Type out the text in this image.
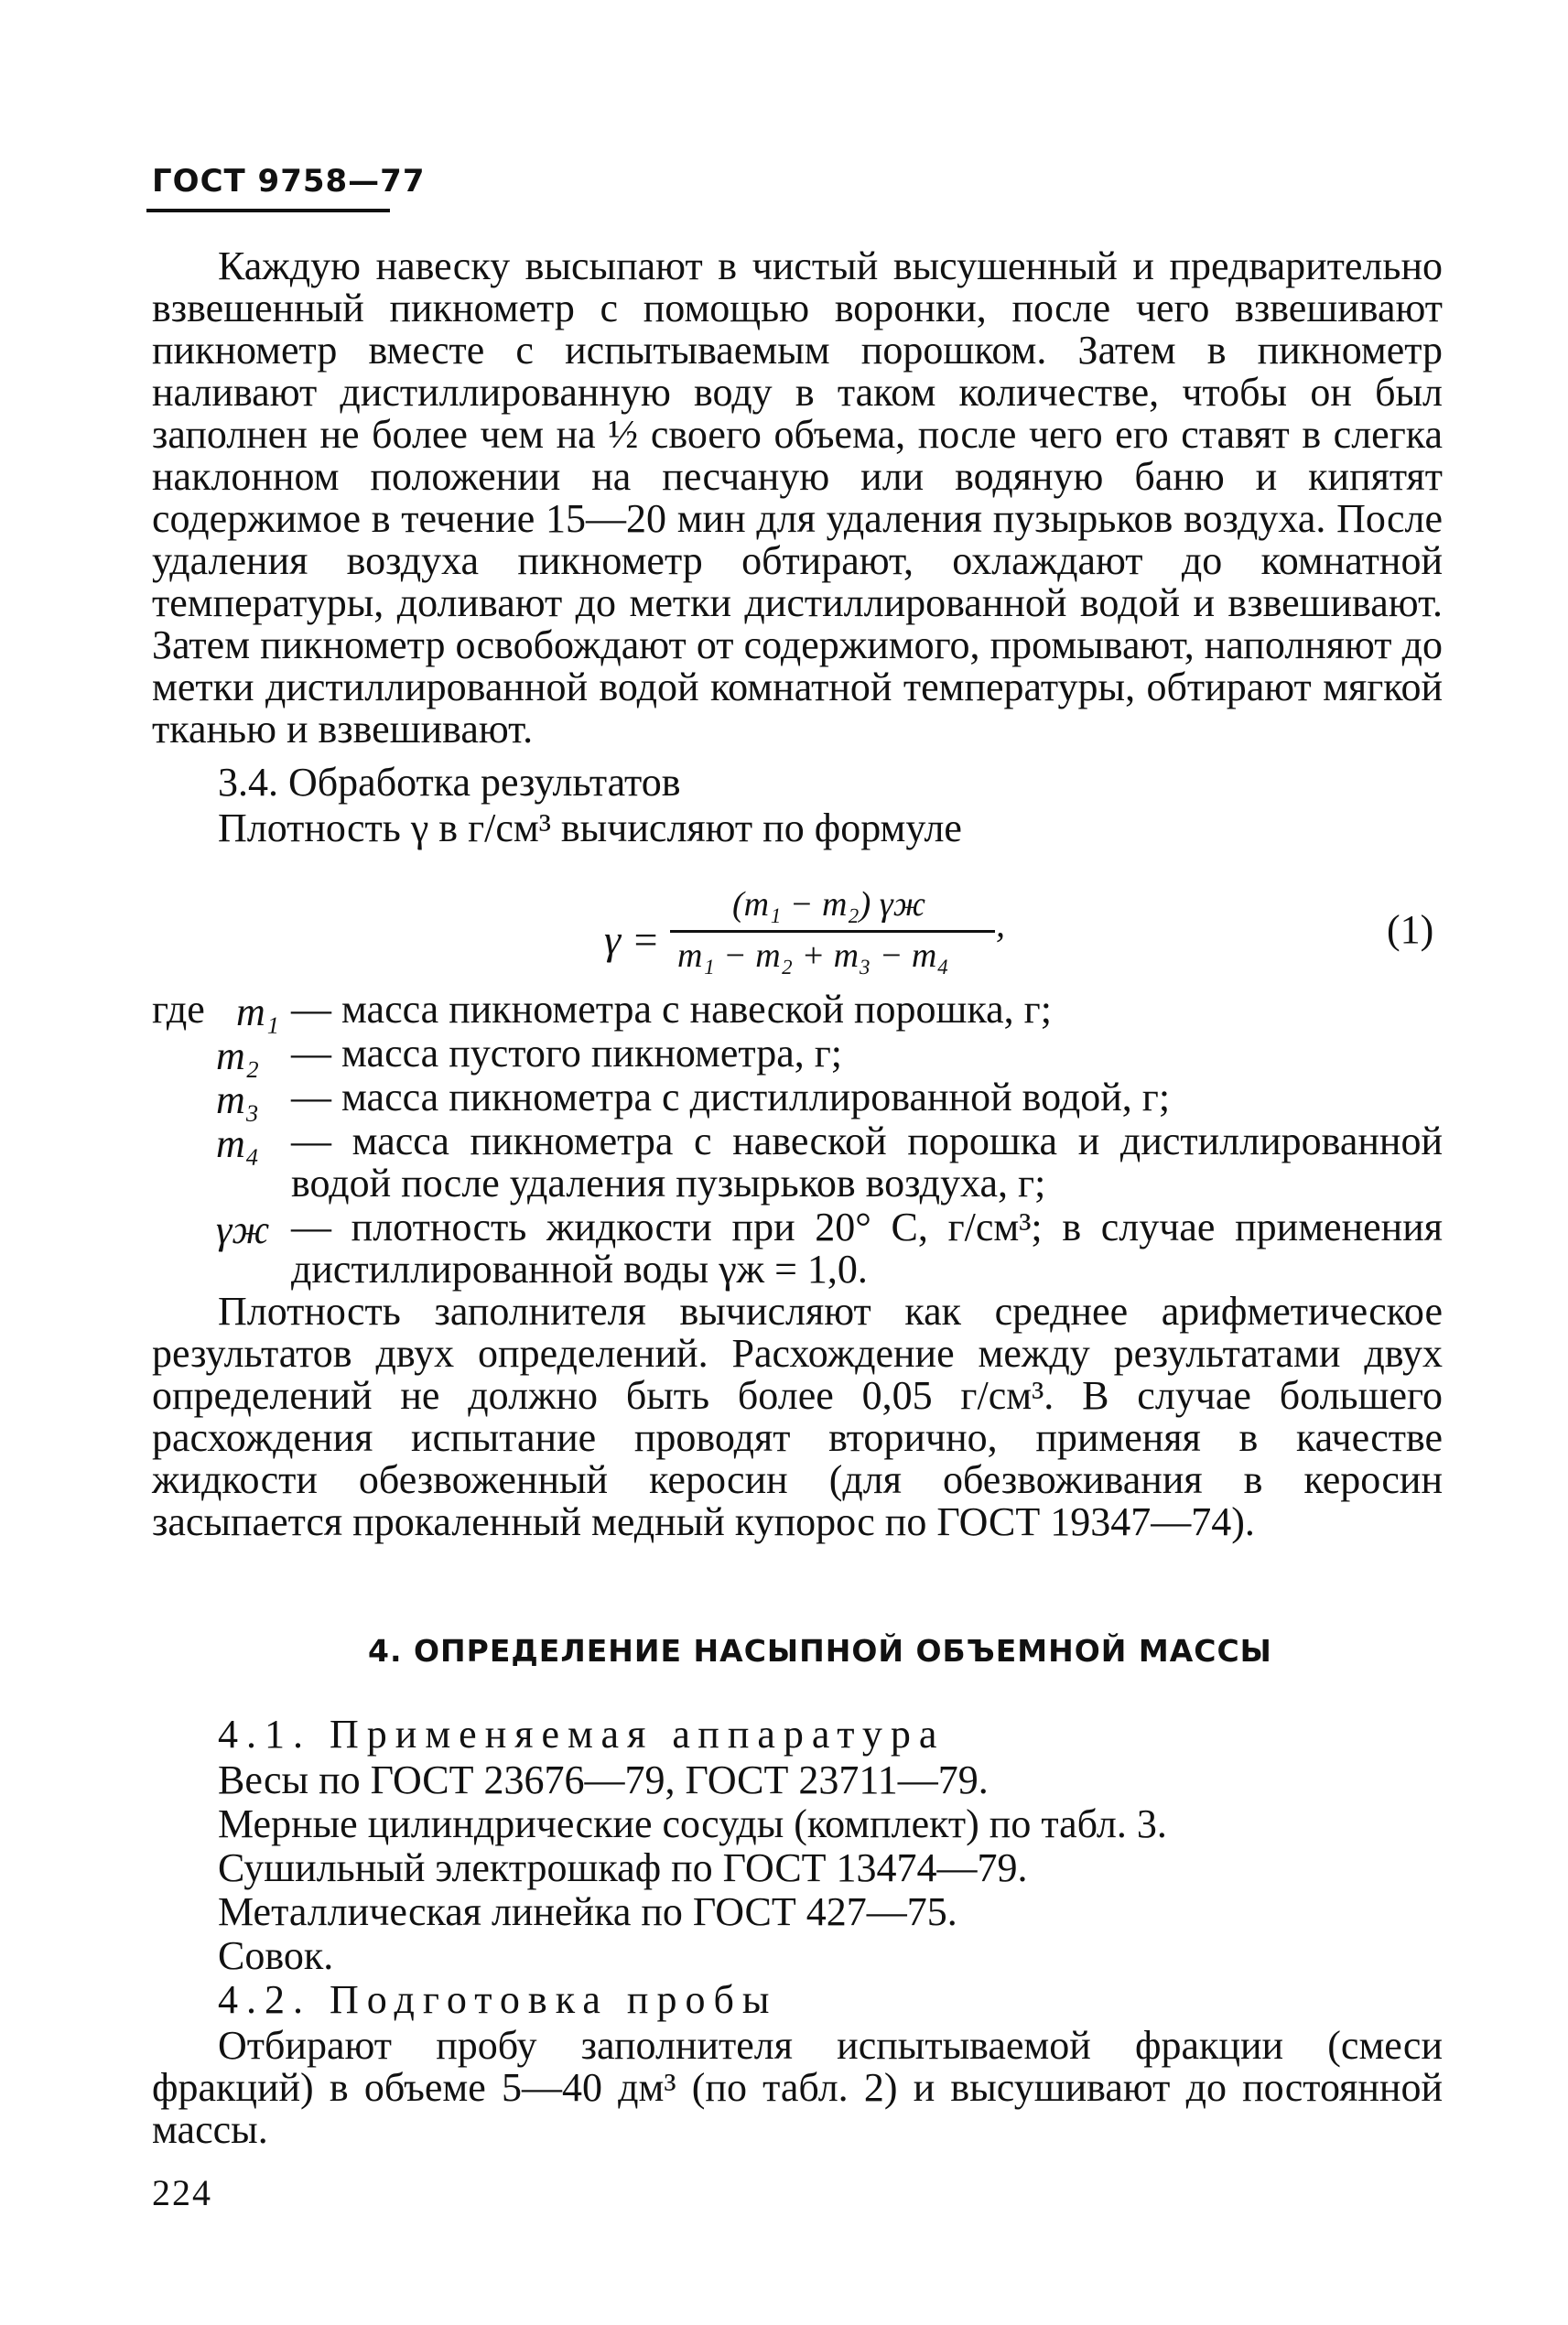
ГОСТ 9758—77
Каждую навеску высыпают в чистый высушенный и предварительно взвешенный пикнометр с помощью воронки, после чего взвешивают пикнометр вместе с испытываемым порошком. Затем в пикнометр наливают дистиллированную воду в таком количестве, чтобы он был заполнен не более чем на ½ своего объема, после чего его ставят в слегка наклонном положении на песчаную или водяную баню и кипятят содержимое в течение 15—20 мин для удаления пузырьков воздуха. После удаления воздуха пикнометр обтирают, охлаждают до комнатной температуры, доливают до метки дистиллированной водой и взвешивают. Затем пикнометр освобождают от содержимого, промывают, наполняют до метки дистиллированной водой комнатной температуры, обтирают мягкой тканью и взвешивают.
3.4. Обработка результатов
Плотность γ в г/см³ вычисляют по формуле
γ =
(m₁ − m₂) γж
m₁ − m₂ + m₃ − m₄
,	(1)
где m₁ — масса пикнометра с навеской порошка, г;
m₂ — масса пустого пикнометра, г;
m₃ — масса пикнометра с дистиллированной водой, г;
m₄ — масса пикнометра с навеской порошка и дистиллированной водой после удаления пузырьков воздуха, г;
γж — плотность жидкости при 20° С, г/см³; в случае применения дистиллированной воды γж = 1,0.
Плотность заполнителя вычисляют как среднее арифметическое результатов двух определений. Расхождение между результатами двух определений не должно быть более 0,05 г/см³. В случае большего расхождения испытание проводят вторично, применяя в качестве жидкости обезвоженный керосин (для обезвоживания в керосин засыпается прокаленный медный купорос по ГОСТ 19347—74).
4. ОПРЕДЕЛЕНИЕ НАСЫПНОЙ ОБЪЕМНОЙ МАССЫ
4.1. Применяемая аппаратура
Весы по ГОСТ 23676—79, ГОСТ 23711—79.
Мерные цилиндрические сосуды (комплект) по табл. 3.
Сушильный электрошкаф по ГОСТ 13474—79.
Металлическая линейка по ГОСТ 427—75.
Совок.
4.2. Подготовка пробы
Отбирают пробу заполнителя испытываемой фракции (смеси фракций) в объеме 5—40 дм³ (по табл. 2) и высушивают до постоянной массы.
224
